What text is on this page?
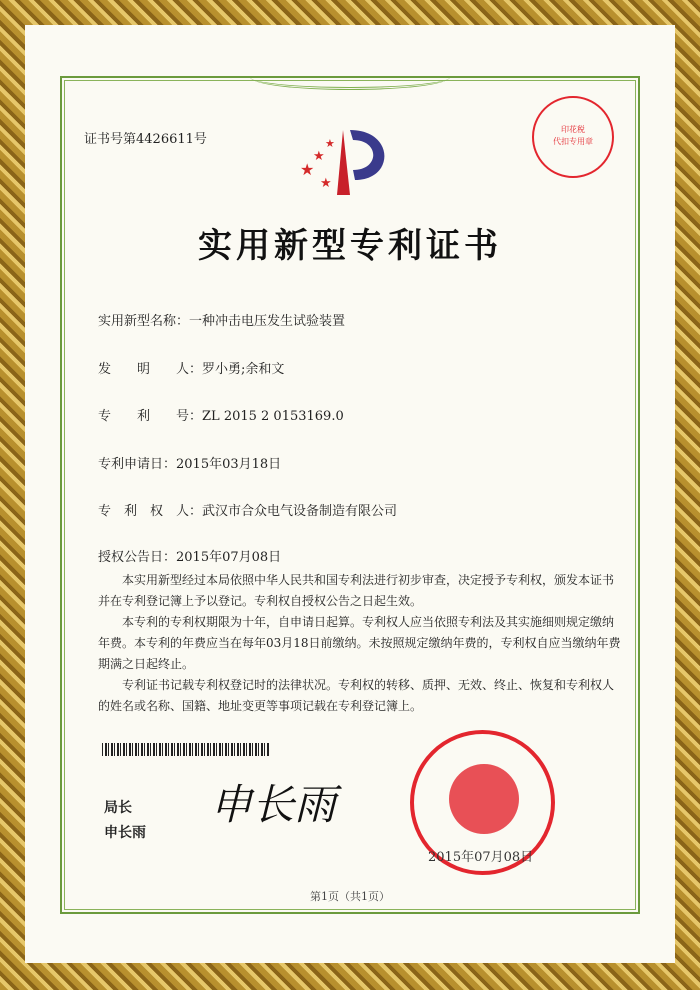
证书号第4426611号
★
★
★
★
印花税
代扣专用章
实用新型专利证书
实用新型名称：一种冲击电压发生试验装置
发　　明　　人：罗小勇;余和文
专　　利　　号：ZL 2015 2 0153169.0
专利申请日：2015年03月18日
专　利　权　人：武汉市合众电气设备制造有限公司
授权公告日：2015年07月08日

本实用新型经过本局依照中华人民共和国专利法进行初步审查，决定授予专利权，颁发本证书并在专利登记簿上予以登记。专利权自授权公告之日起生效。

本专利的专利权期限为十年，自申请日起算。专利权人应当依照专利法及其实施细则规定缴纳年费。本专利的年费应当在每年03月18日前缴纳。未按照规定缴纳年费的，专利权自应当缴纳年费期满之日起终止。

专利证书记载专利权登记时的法律状况。专利权的转移、质押、无效、终止、恢复和专利权人的姓名或名称、国籍、地址变更等事项记载在专利登记簿上。

局长
申长雨
申长雨
2015年07月08日
第1页（共1页）
